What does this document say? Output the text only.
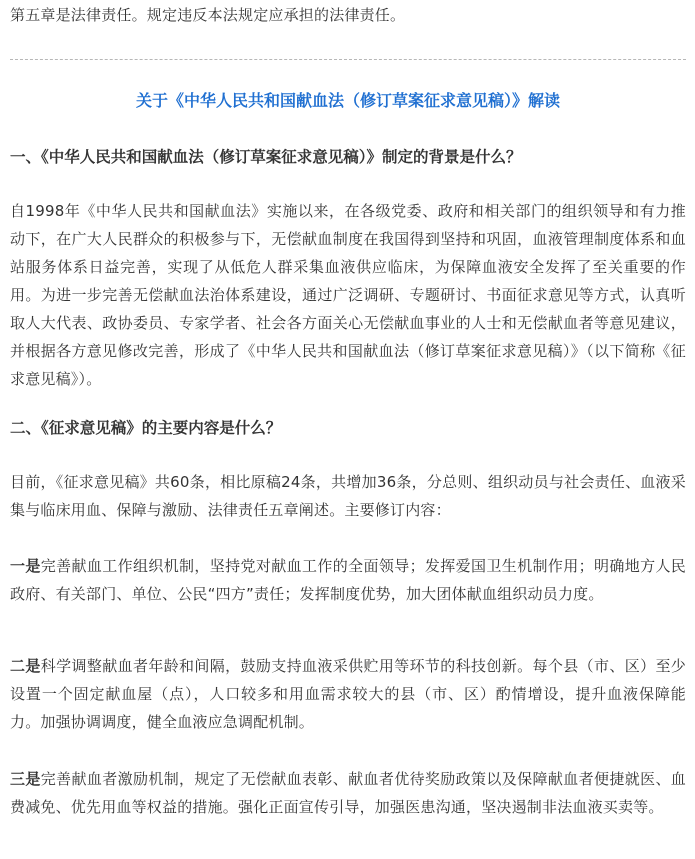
第五章是法律责任。规定违反本法规定应承担的法律责任。

关于《中华人民共和国献血法（修订草案征求意见稿）》解读
一、《中华人民共和国献血法（修订草案征求意见稿）》制定的背景是什么？

自1998年《中华人民共和国献血法》实施以来，在各级党委、政府和相关部门的组织领导和有力推动下，在广大人民群众的积极参与下，无偿献血制度在我国得到坚持和巩固，血液管理制度体系和血站服务体系日益完善，实现了从低危人群采集血液供应临床，为保障血液安全发挥了至关重要的作用。为进一步完善无偿献血法治体系建设，通过广泛调研、专题研讨、书面征求意见等方式，认真听取人大代表、政协委员、专家学者、社会各方面关心无偿献血事业的人士和无偿献血者等意见建议，并根据各方意见修改完善，形成了《中华人民共和国献血法（修订草案征求意见稿）》（以下简称《征求意见稿》）。

二、《征求意见稿》的主要内容是什么？

目前，《征求意见稿》共60条，相比原稿24条，共增加36条，分总则、组织动员与社会责任、血液采集与临床用血、保障与激励、法律责任五章阐述。主要修订内容：

一是完善献血工作组织机制，坚持党对献血工作的全面领导；发挥爱国卫生机制作用；明确地方人民政府、有关部门、单位、公民“四方”责任；发挥制度优势，加大团体献血组织动员力度。

二是科学调整献血者年龄和间隔，鼓励支持血液采供贮用等环节的科技创新。每个县（市、区）至少设置一个固定献血屋（点），人口较多和用血需求较大的县（市、区）酌情增设，提升血液保障能力。加强协调调度，健全血液应急调配机制。

三是完善献血者激励机制，规定了无偿献血表彰、献血者优待奖励政策以及保障献血者便捷就医、血费减免、优先用血等权益的措施。强化正面宣传引导，加强医患沟通，坚决遏制非法血液买卖等。
